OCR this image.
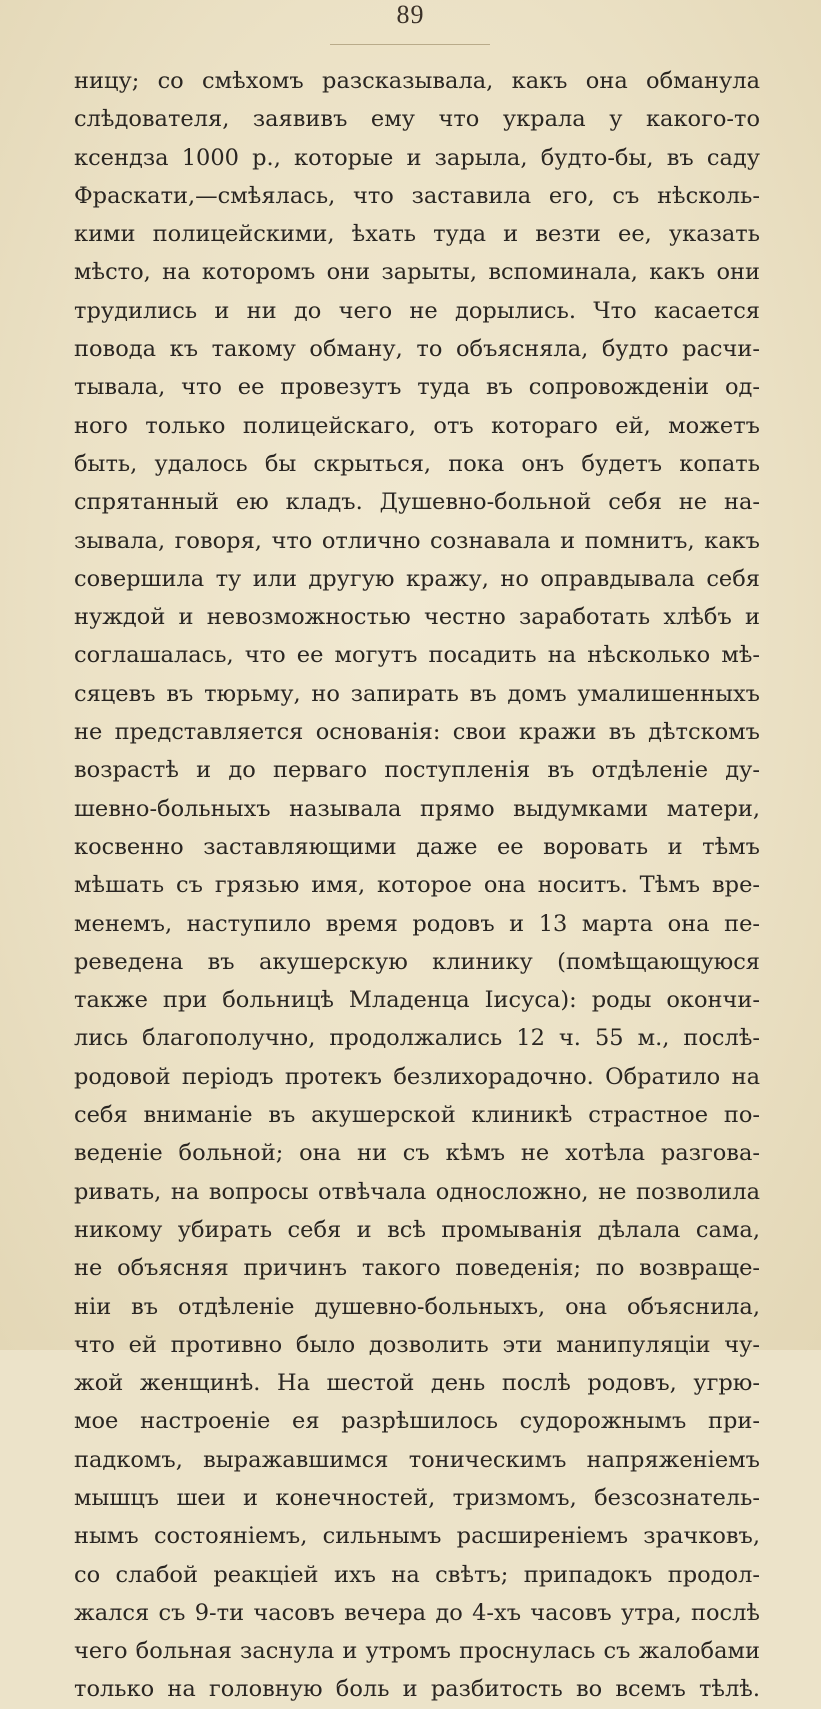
89
ницу; со смѣхомъ разсказывала, какъ она обманула
слѣдователя, заявивъ ему что украла у какого-то
ксендза 1000 р., которые и зарыла, будто-бы, въ саду
Фраскати,—смѣялась, что заставила его, съ нѣсколь-
кими полицейскими, ѣхать туда и везти ее, указать
мѣсто, на которомъ они зарыты, вспоминала, какъ они
трудились и ни до чего не дорылись. Что касается
повода къ такому обману, то объясняла, будто расчи-
тывала, что ее провезутъ туда въ сопровожденіи од-
ного только полицейскаго, отъ котораго ей, можетъ
быть, удалось бы скрыться, пока онъ будетъ копать
спрятанный ею кладъ. Душевно-больной себя не на-
зывала, говоря, что отлично сознавала и помнитъ, какъ
совершила ту или другую кражу, но оправдывала себя
нуждой и невозможностью честно заработать хлѣбъ и
соглашалась, что ее могутъ посадить на нѣсколько мѣ-
сяцевъ въ тюрьму, но запирать въ домъ умалишенныхъ
не представляется основанія: свои кражи въ дѣтскомъ
возрастѣ и до перваго поступленія въ отдѣленіе ду-
шевно-больныхъ называла прямо выдумками матери,
косвенно заставляющими даже ее воровать и тѣмъ
мѣшать съ грязью имя, которое она носитъ. Тѣмъ вре-
менемъ, наступило время родовъ и 13 марта она пе-
реведена въ акушерскую клинику (помѣщающуюся
также при больницѣ Младенца Іисуса): роды окончи-
лись благополучно, продолжались 12 ч. 55 м., послѣ-
родовой періодъ протекъ безлихорадочно. Обратило на
себя вниманіе въ акушерской клиникѣ страстное по-
веденіе больной; она ни съ кѣмъ не хотѣла разгова-
ривать, на вопросы отвѣчала односложно, не позволила
никому убирать себя и всѣ промыванія дѣлала сама,
не объясняя причинъ такого поведенія; по возвраще-
ніи въ отдѣленіе душевно-больныхъ, она объяснила,
что ей противно было дозволить эти манипуляціи чу-
жой женщинѣ. На шестой день послѣ родовъ, угрю-
мое настроеніе ея разрѣшилось судорожнымъ при-
падкомъ, выражавшимся тоническимъ напряженіемъ
мышцъ шеи и конечностей, тризмомъ, безсознатель-
нымъ состояніемъ, сильнымъ расширеніемъ зрачковъ,
со слабой реакціей ихъ на свѣтъ; припадокъ продол-
жался съ 9-ти часовъ вечера до 4-хъ часовъ утра, послѣ
чего больная заснула и утромъ проснулась съ жалобами
только на головную боль и разбитость во всемъ тѣлѣ.
